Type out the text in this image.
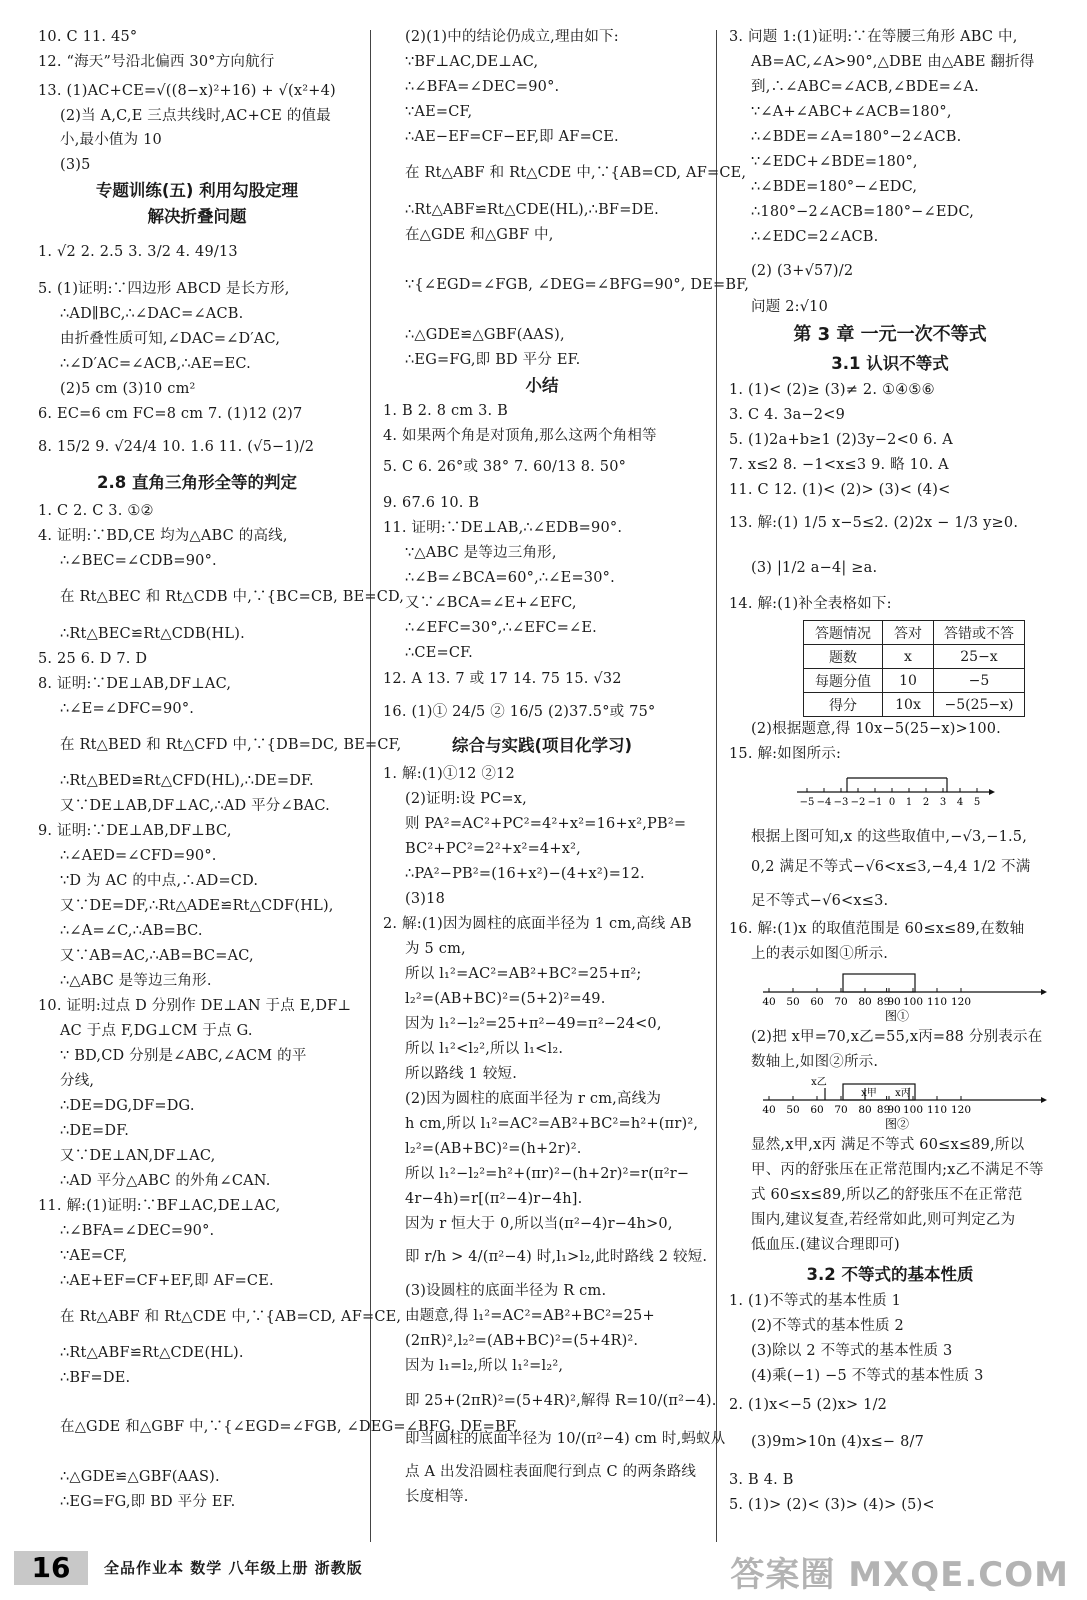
10. C 11. 45°
12. “海天”号沿北偏西 30°方向航行
13. (1)AC+CE=√((8−x)²+16) + √(x²+4)
(2)当 A,C,E 三点共线时,AC+CE 的值最
小,最小值为 10
(3)5
专题训练(五) 利用勾股定理
解决折叠问题
1. √2 2. 2.5 3. 3/2 4. 49/13
5. (1)证明:∵四边形 ABCD 是长方形,
∴AD∥BC,∴∠DAC=∠ACB.
由折叠性质可知,∠DAC=∠D′AC,
∴∠D′AC=∠ACB,∴AE=EC.
(2)5 cm (3)10 cm²
6. EC=6 cm FC=8 cm 7. (1)12 (2)7
8. 15/2 9. √24/4 10. 1.6 11. (√5−1)/2
2.8 直角三角形全等的判定
1. C 2. C 3. ①②
4. 证明:∵BD,CE 均为△ABC 的高线,
∴∠BEC=∠CDB=90°.
在 Rt△BEC 和 Rt△CDB 中,∵{BC=CB, BE=CD,
∴Rt△BEC≌Rt△CDB(HL).
5. 25 6. D 7. D
8. 证明:∵DE⊥AB,DF⊥AC,
∴∠E=∠DFC=90°.
在 Rt△BED 和 Rt△CFD 中,∵{DB=DC, BE=CF,
∴Rt△BED≌Rt△CFD(HL),∴DE=DF.
又∵DE⊥AB,DF⊥AC,∴AD 平分∠BAC.
9. 证明:∵DE⊥AB,DF⊥BC,
∴∠AED=∠CFD=90°.
∵D 为 AC 的中点,∴AD=CD.
又∵DE=DF,∴Rt△ADE≌Rt△CDF(HL),
∴∠A=∠C,∴AB=BC.
又∵AB=AC,∴AB=BC=AC,
∴△ABC 是等边三角形.
10. 证明:过点 D 分别作 DE⊥AN 于点 E,DF⊥
AC 于点 F,DG⊥CM 于点 G.
∵ BD,CD 分别是∠ABC,∠ACM 的平
分线,
∴DE=DG,DF=DG.
∴DE=DF.
又∵DE⊥AN,DF⊥AC,
∴AD 平分△ABC 的外角∠CAN.
11. 解:(1)证明:∵BF⊥AC,DE⊥AC,
∴∠BFA=∠DEC=90°.
∵AE=CF,
∴AE+EF=CF+EF,即 AF=CE.
在 Rt△ABF 和 Rt△CDE 中,∵{AB=CD, AF=CE,
∴Rt△ABF≌Rt△CDE(HL).
∴BF=DE.
在△GDE 和△GBF 中,∵{∠EGD=∠FGB, ∠DEG=∠BFG, DE=BF,
∴△GDE≌△GBF(AAS).
∴EG=FG,即 BD 平分 EF.
(2)(1)中的结论仍成立,理由如下:
∵BF⊥AC,DE⊥AC,
∴∠BFA=∠DEC=90°.
∵AE=CF,
∴AE−EF=CF−EF,即 AF=CE.
在 Rt△ABF 和 Rt△CDE 中,∵{AB=CD, AF=CE,
∴Rt△ABF≌Rt△CDE(HL),∴BF=DE.
在△GDE 和△GBF 中,
∵{∠EGD=∠FGB, ∠DEG=∠BFG=90°, DE=BF,
∴△GDE≌△GBF(AAS),
∴EG=FG,即 BD 平分 EF.
小结
1. B 2. 8 cm 3. B
4. 如果两个角是对顶角,那么这两个角相等
5. C 6. 26°或 38° 7. 60/13 8. 50°
9. 67.6 10. B
11. 证明:∵DE⊥AB,∴∠EDB=90°.
∵△ABC 是等边三角形,
∴∠B=∠BCA=60°,∴∠E=30°.
又∵∠BCA=∠E+∠EFC,
∴∠EFC=30°,∴∠EFC=∠E.
∴CE=CF.
12. A 13. 7 或 17 14. 75 15. √32
16. (1)① 24/5 ② 16/5 (2)37.5°或 75°
综合与实践(项目化学习)
1. 解:(1)①12 ②12
(2)证明:设 PC=x,
则 PA²=AC²+PC²=4²+x²=16+x²,PB²=
BC²+PC²=2²+x²=4+x²,
∴PA²−PB²=(16+x²)−(4+x²)=12.
(3)18
2. 解:(1)因为圆柱的底面半径为 1 cm,高线 AB
为 5 cm,
所以 l₁²=AC²=AB²+BC²=25+π²;
l₂²=(AB+BC)²=(5+2)²=49.
因为 l₁²−l₂²=25+π²−49=π²−24<0,
所以 l₁²<l₂²,所以 l₁<l₂.
所以路线 1 较短.
(2)因为圆柱的底面半径为 r cm,高线为
h cm,所以 l₁²=AC²=AB²+BC²=h²+(πr)²,
l₂²=(AB+BC)²=(h+2r)².
所以 l₁²−l₂²=h²+(πr)²−(h+2r)²=r(π²r−
4r−4h)=r[(π²−4)r−4h].
因为 r 恒大于 0,所以当(π²−4)r−4h>0,
即 r/h > 4/(π²−4) 时,l₁>l₂,此时路线 2 较短.
(3)设圆柱的底面半径为 R cm.
由题意,得 l₁²=AC²=AB²+BC²=25+
(2πR)²,l₂²=(AB+BC)²=(5+4R)².
因为 l₁=l₂,所以 l₁²=l₂²,
即 25+(2πR)²=(5+4R)²,解得 R=10/(π²−4).
即当圆柱的底面半径为 10/(π²−4) cm 时,蚂蚁从
点 A 出发沿圆柱表面爬行到点 C 的两条路线
长度相等.
3. 问题 1:(1)证明:∵在等腰三角形 ABC 中,
AB=AC,∠A>90°,△DBE 由△ABE 翻折得
到,∴∠ABC=∠ACB,∠BDE=∠A.
∵∠A+∠ABC+∠ACB=180°,
∴∠BDE=∠A=180°−2∠ACB.
∵∠EDC+∠BDE=180°,
∴∠BDE=180°−∠EDC,
∴180°−2∠ACB=180°−∠EDC,
∴∠EDC=2∠ACB.
(2) (3+√57)/2
问题 2:√10
第 3 章 一元一次不等式
3.1 认识不等式
1. (1)< (2)≥ (3)≠ 2. ①④⑤⑥
3. C 4. 3a−2<9
5. (1)2a+b≥1 (2)3y−2<0 6. A
7. x≤2 8. −1<x≤3 9. 略 10. A
11. C 12. (1)< (2)> (3)< (4)<
13. 解:(1) 1/5 x−5≤2. (2)2x − 1/3 y≥0.
(3) |1/2 a−4| ≥a.
14. 解:(1)补全表格如下:
答题情况	答对	答错或不答
题数	x	25−x
每题分值	10	−5
得分	10x	−5(25−x)
(2)根据题意,得 10x−5(25−x)>100.
15. 解:如图所示:
−5 −4 −3 −2 −1 0 1 2 3 4 5
根据上图可知,x 的这些取值中,−√3,−1.5,
0,2 满足不等式−√6<x≤3,−4,4 1/2 不满
足不等式−√6<x≤3.
16. 解:(1)x 的取值范围是 60≤x≤89,在数轴
上的表示如图①所示.
40 50 60 70 80 89
90 100 110 120
图①
(2)把 x甲=70,x乙=55,x丙=88 分别表示在
数轴上,如图②所示.
40 50 60 70 80 89
90 100 110 120
x乙
x甲 x丙
图②
显然,x甲,x丙 满足不等式 60≤x≤89,所以
甲、丙的舒张压在正常范围内;x乙不满足不等
式 60≤x≤89,所以乙的舒张压不在正常范
围内,建议复查,若经常如此,则可判定乙为
低血压.(建议合理即可)
3.2 不等式的基本性质
1. (1)不等式的基本性质 1
(2)不等式的基本性质 2
(3)除以 2 不等式的基本性质 3
(4)乘(−1) −5 不等式的基本性质 3
2. (1)x<−5 (2)x> 1/2
(3)9m>10n (4)x≤− 8/7
3. B 4. B
5. (1)> (2)< (3)> (4)> (5)<
16	全品作业本 数学 八年级上册 浙教版	答案圈 MXQE.COM
